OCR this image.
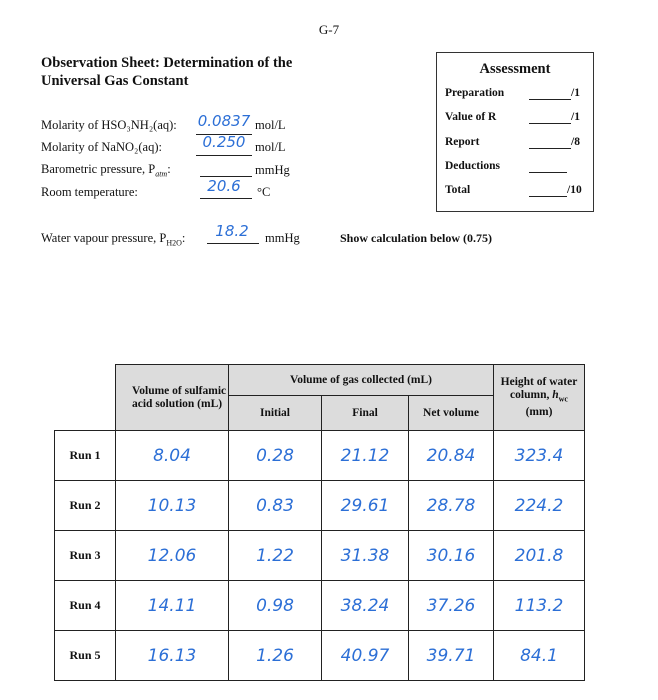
G-7
Observation Sheet: Determination of the
Universal Gas Constant
Molarity of HSO₃NH₂(aq): 0.0837 mol/L
Molarity of NaNO₂(aq):	0.250 mol/L
Barometric pressure, $P_{atm}$:	mmHg
Room temperature:	20.6	°C
Water vapour pressure, $P_{H2O}$:	18.2	mmHg	Show calculation below (0.75)
Assessment
Preparation	/1
Value of R	/1
Report	/8
Deductions
Total	/10
	Volume of sulfamic acid solution (mL)	Volume of gas collected (mL)			Height of water column, $h_{wc}$
(mm)
		Initial	Final	Net volume	
Run 1	8.04	0.28	21.12	20.84	323.4
Run 2	10.13	0.83	29.61	28.78	224.2
Run 3	12.06	1.22	31.38	30.16	201.8
Run 4	14.11	0.98	38.24	37.26	113.2
Run 5	16.13	1.26	40.97	39.71	84.1
